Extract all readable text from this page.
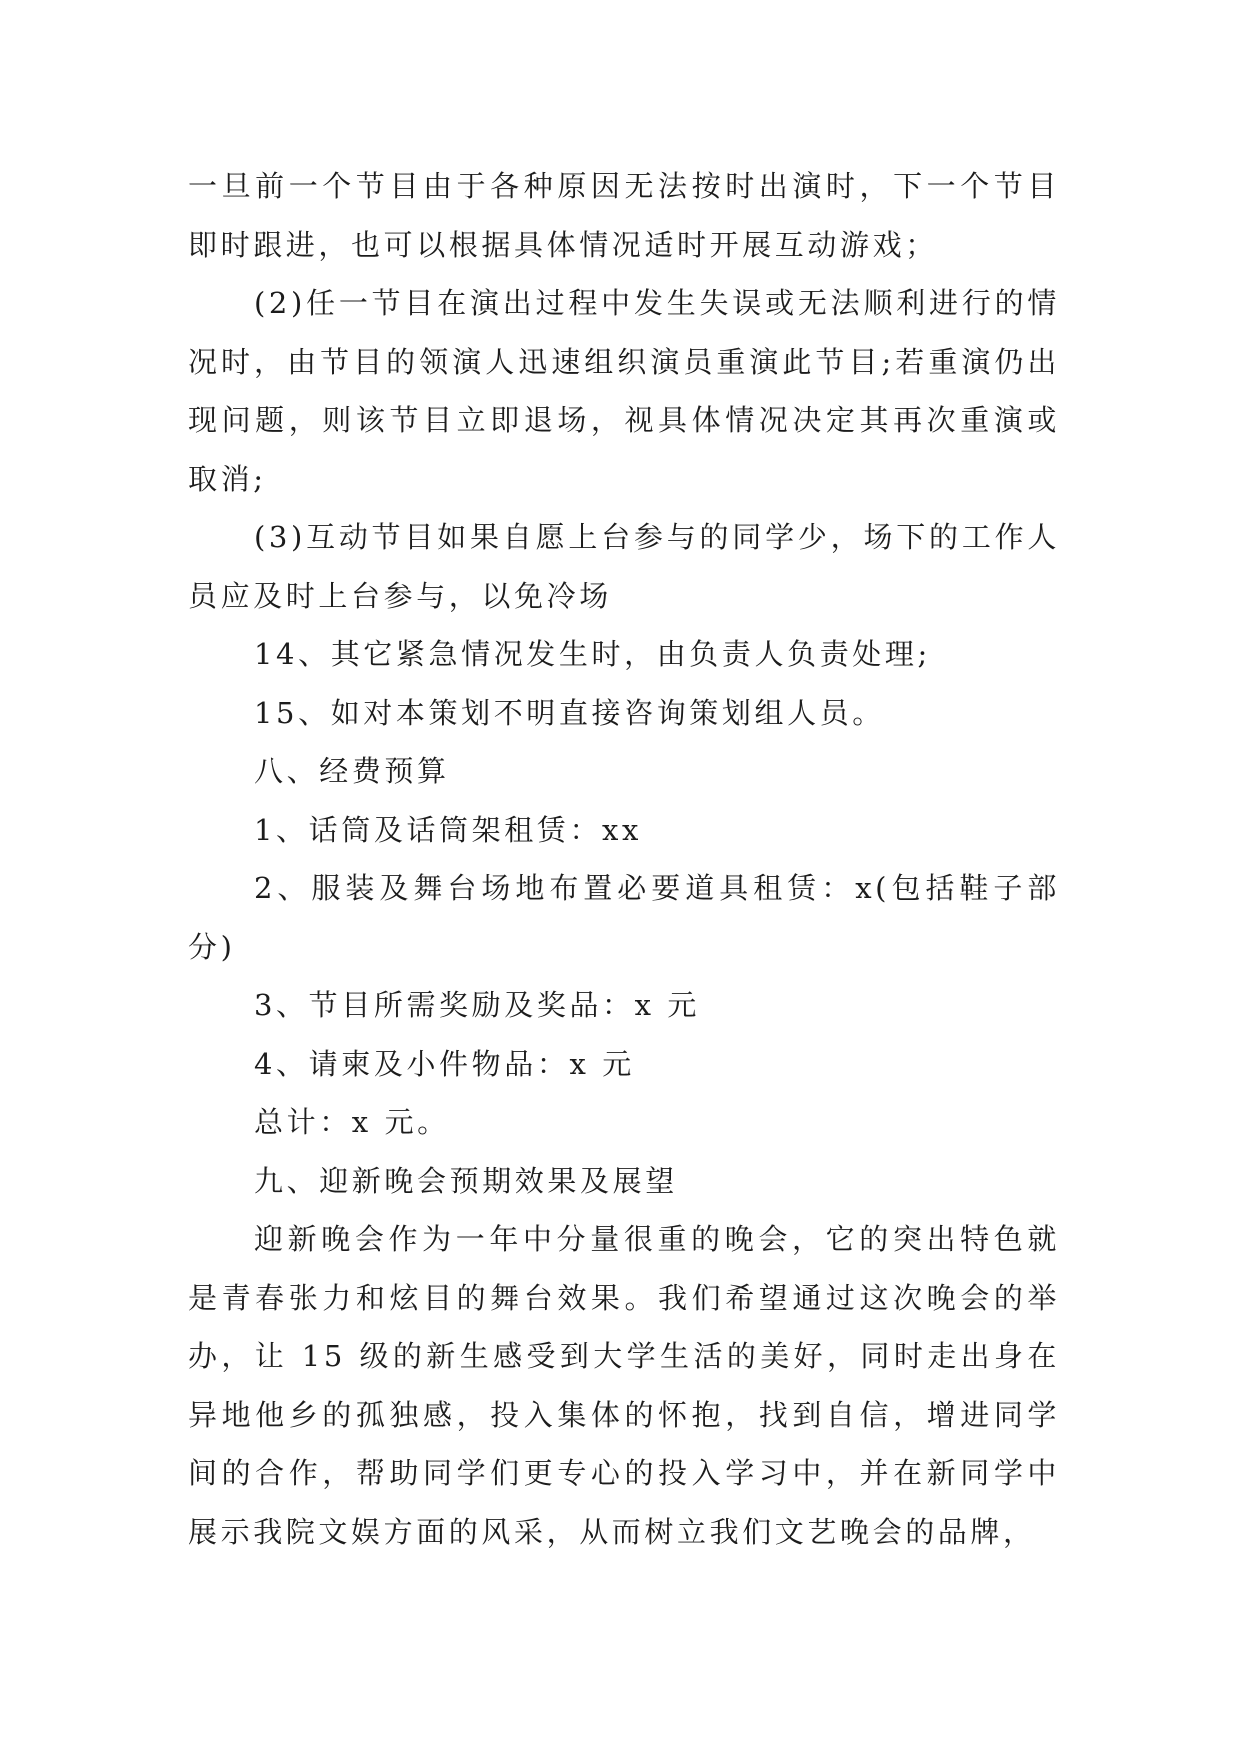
一旦前一个节目由于各种原因无法按时出演时，下一个节目即时跟进，也可以根据具体情况适时开展互动游戏；

(2)任一节目在演出过程中发生失误或无法顺利进行的情况时，由节目的领演人迅速组织演员重演此节目;若重演仍出现问题，则该节目立即退场，视具体情况决定其再次重演或取消;

(3)互动节目如果自愿上台参与的同学少，场下的工作人员应及时上台参与，以免冷场

14、其它紧急情况发生时，由负责人负责处理;

15、如对本策划不明直接咨询策划组人员。

八、经费预算

1、话筒及话筒架租赁：xx

2、服装及舞台场地布置必要道具租赁：x(包括鞋子部分)

3、节目所需奖励及奖品：x 元

4、请柬及小件物品：x 元

总计：x 元。

九、迎新晚会预期效果及展望

迎新晚会作为一年中分量很重的晚会，它的突出特色就是青春张力和炫目的舞台效果。我们希望通过这次晚会的举办，让 15 级的新生感受到大学生活的美好，同时走出身在异地他乡的孤独感，投入集体的怀抱，找到自信，增进同学间的合作，帮助同学们更专心的投入学习中，并在新同学中展示我院文娱方面的风采，从而树立我们文艺晚会的品牌，
